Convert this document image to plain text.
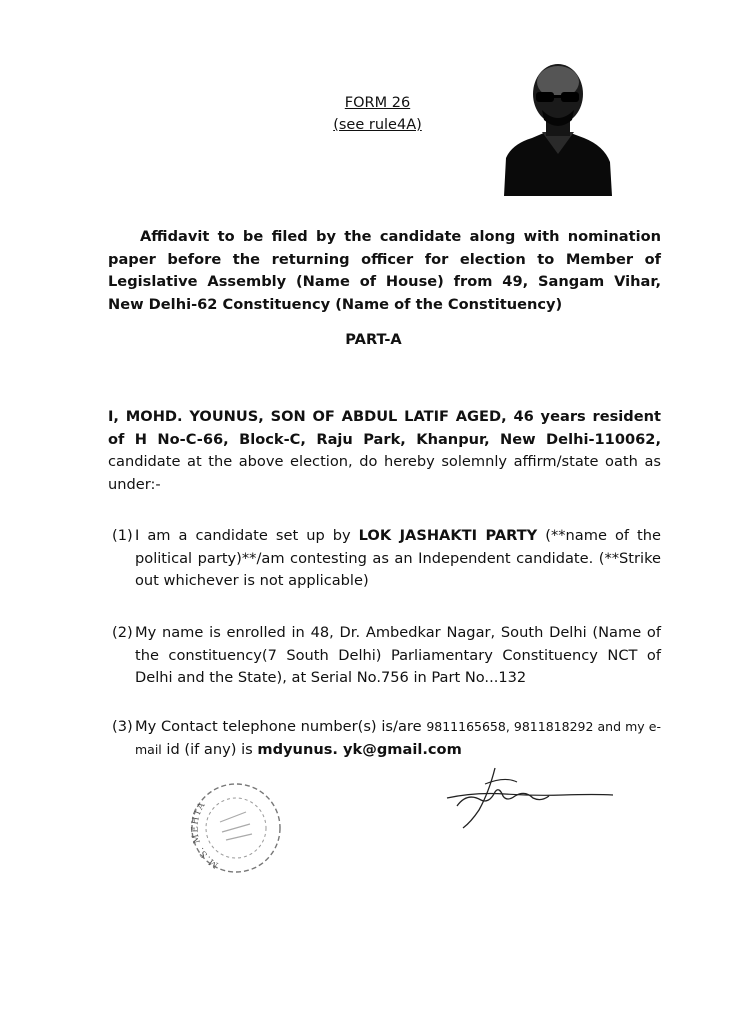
FORM 26
(see rule4A)
Affidavit to be filed by the candidate along with nomination paper before the returning officer for election to Member of Legislative Assembly (Name of House) from 49, Sangam Vihar, New Delhi-62 Constituency (Name of the Constituency)
PART-A
I, MOHD. YOUNUS, SON OF ABDUL LATIF AGED, 46 years resident of H No-C-66, Block-C, Raju Park, Khanpur, New Delhi-110062, candidate at the above election, do hereby solemnly affirm/state oath as under:-
(1) I am a candidate set up by LOK JASHAKTI PARTY (**name of the political party)**/am contesting as an Independent candidate. (**Strike out whichever is not applicable)
(2) My name is enrolled in 48, Dr. Ambedkar Nagar, South Delhi (Name of the constituency(7 South Delhi) Parliamentary Constituency NCT of Delhi and the State), at Serial No.756 in Part No...132
(3) My Contact telephone number(s) is/are 9811165658, 9811818292 and my e-mail id (if any) is mdyunus. yk@gmail.com
M.S. MEHTA
